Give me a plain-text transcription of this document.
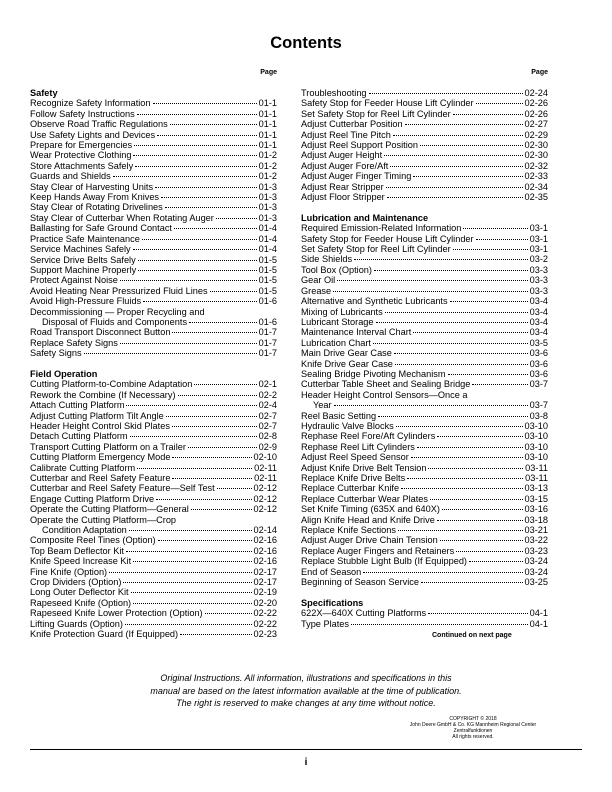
Contents
Page
Safety
Recognize Safety Information	01-1
Follow Safety Instructions	01-1
Observe Road Traffic Regulations	01-1
Use Safety Lights and Devices	01-1
Prepare for Emergencies	01-1
Wear Protective Clothing	01-2
Store Attachments Safely	01-2
Guards and Shields	01-2
Stay Clear of Harvesting Units	01-3
Keep Hands Away From Knives	01-3
Stay Clear of Rotating Drivelines	01-3
Stay Clear of Cutterbar When Rotating Auger	01-3
Ballasting for Safe Ground Contact	01-4
Practice Safe Maintenance	01-4
Service Machines Safely	01-4
Service Drive Belts Safely	01-5
Support Machine Properly	01-5
Protect Against Noise	01-5
Avoid Heating Near Pressurized Fluid Lines	01-5
Avoid High-Pressure Fluids	01-6
Decommissioning — Proper Recycling and
Disposal of Fluids and Components	01-6
Road Transport Disconnect Button	01-7
Replace Safety Signs	01-7
Safety Signs	01-7
Field Operation
Cutting Platform-to-Combine Adaptation	02-1
Rework the Combine (If Necessary)	02-2
Attach Cutting Platform	02-4
Adjust Cutting Platform Tilt Angle	02-7
Header Height Control Skid Plates	02-7
Detach Cutting Platform	02-8
Transport Cutting Platform on a Trailer	02-9
Cutting Platform Emergency Mode	02-10
Calibrate Cutting Platform	02-11
Cutterbar and Reel Safety Feature	02-11
Cutterbar and Reel Safety Feature—Self Test	02-12
Engage Cutting Platform Drive	02-12
Operate the Cutting Platform—General	02-12
Operate the Cutting Platform—Crop
Condition Adaptation	02-14
Composite Reel Tines (Option)	02-16
Top Beam Deflector Kit	02-16
Knife Speed Increase Kit	02-16
Fine Knife (Option)	02-17
Crop Dividers (Option)	02-17
Long Outer Deflector Kit	02-19
Rapeseed Knife (Option)	02-20
Rapeseed Knife Lower Protection (Option)	02-22
Lifting Guards (Option)	02-22
Knife Protection Guard (If Equipped)	02-23
Page
Troubleshooting	02-24
Safety Stop for Feeder House Lift Cylinder	02-26
Set Safety Stop for Reel Lift Cylinder	02-26
Adjust Cutterbar Position	02-27
Adjust Reel Tine Pitch	02-29
Adjust Reel Support Position	02-30
Adjust Auger Height	02-30
Adjust Auger Fore/Aft	02-32
Adjust Auger Finger Timing	02-33
Adjust Rear Stripper	02-34
Adjust Floor Stripper	02-35
Lubrication and Maintenance
Required Emission-Related Information	03-1
Safety Stop for Feeder House Lift Cylinder	03-1
Set Safety Stop for Reel Lift Cylinder	03-1
Side Shields	03-2
Tool Box (Option)	03-3
Gear Oil	03-3
Grease	03-3
Alternative and Synthetic Lubricants	03-4
Mixing of Lubricants	03-4
Lubricant Storage	03-4
Maintenance Interval Chart	03-4
Lubrication Chart	03-5
Main Drive Gear Case	03-6
Knife Drive Gear Case	03-6
Sealing Bridge Pivoting Mechanism	03-6
Cutterbar Table Sheet and Sealing Bridge	03-7
Header Height Control Sensors—Once a
Year	03-7
Reel Basic Setting	03-8
Hydraulic Valve Blocks	03-10
Rephase Reel Fore/Aft Cylinders	03-10
Rephase Reel Lift Cylinders	03-10
Adjust Reel Speed Sensor	03-10
Adjust Knife Drive Belt Tension	03-11
Replace Knife Drive Belts	03-11
Replace Cutterbar Knife	03-13
Replace Cutterbar Wear Plates	03-15
Set Knife Timing (635X and 640X)	03-16
Align Knife Head and Knife Drive	03-18
Replace Knife Sections	03-21
Adjust Auger Drive Chain Tension	03-22
Replace Auger Fingers and Retainers	03-23
Replace Stubble Light Bulb (If Equipped)	03-24
End of Season	03-24
Beginning of Season Service	03-25
Specifications
622X—640X Cutting Platforms	04-1
Type Plates	04-1
Continued on next page
Original Instructions. All information, illustrations and specifications in this
manual are based on the latest information available at the time of publication.
The right is reserved to make changes at any time without notice.
COPYRIGHT © 2018
John Deere GmbH & Co. KG Mannheim Regional Center
Zentralfunktionen
All rights reserved.
i
